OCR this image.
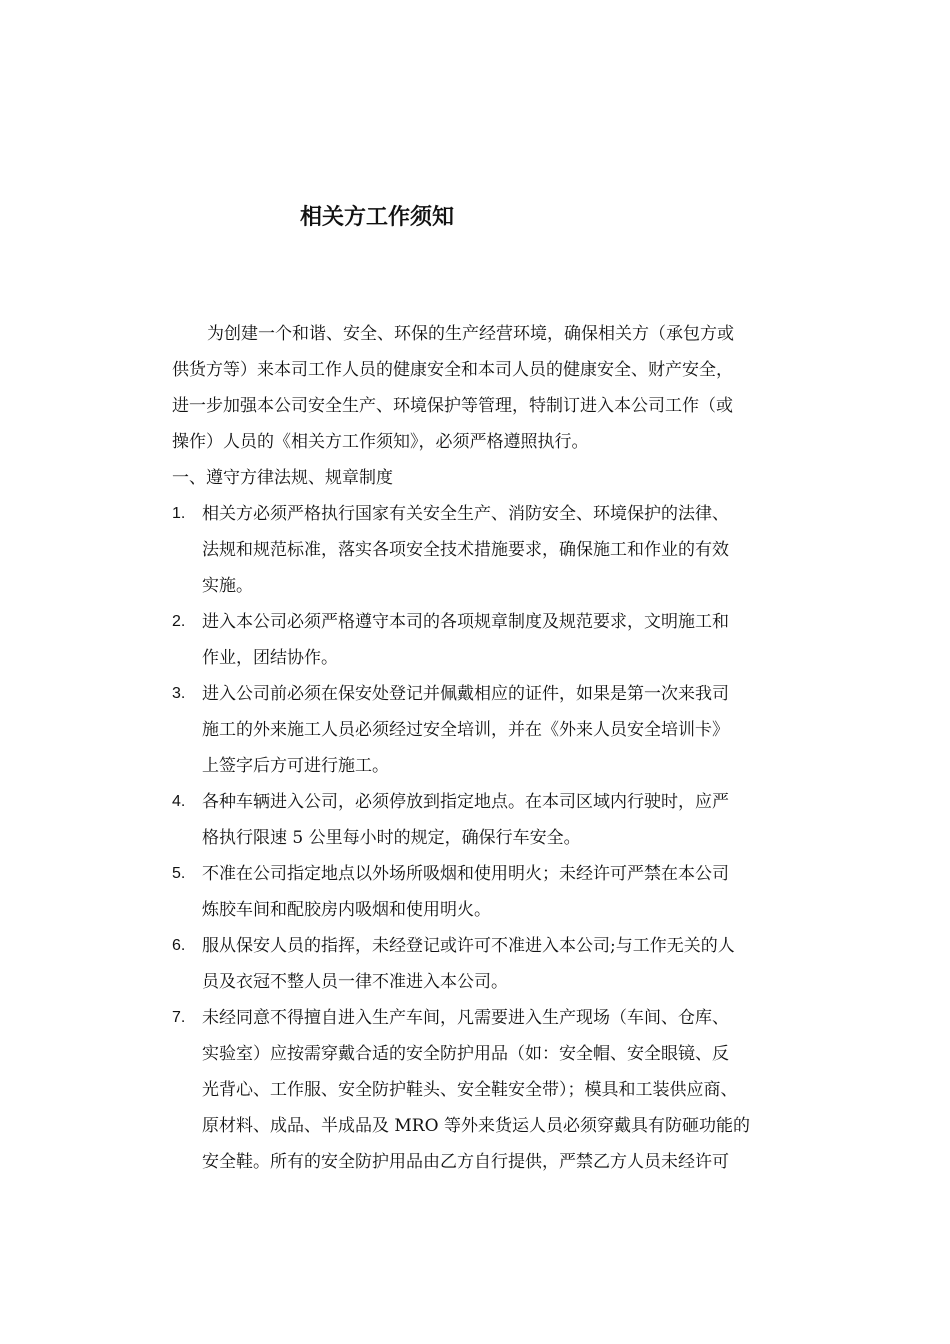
相关方工作须知
为创建一个和谐、安全、环保的生产经营环境，确保相关方（承包方或
供货方等）来本司工作人员的健康安全和本司人员的健康安全、财产安全，
进一步加强本公司安全生产、环境保护等管理，特制订进入本公司工作（或
操作）人员的《相关方工作须知》，必须严格遵照执行。
一、遵守方律法规、规章制度
1. 相关方必须严格执行国家有关安全生产、消防安全、环境保护的法律、
法规和规范标准，落实各项安全技术措施要求，确保施工和作业的有效
实施。
2. 进入本公司必须严格遵守本司的各项规章制度及规范要求，文明施工和
作业，团结协作。
3. 进入公司前必须在保安处登记并佩戴相应的证件，如果是第一次来我司
施工的外来施工人员必须经过安全培训，并在《外来人员安全培训卡》
上签字后方可进行施工。
4. 各种车辆进入公司，必须停放到指定地点。在本司区域内行驶时，应严
格执行限速 5 公里每小时的规定，确保行车安全。
5. 不准在公司指定地点以外场所吸烟和使用明火；未经许可严禁在本公司
炼胶车间和配胶房内吸烟和使用明火。
6. 服从保安人员的指挥，未经登记或许可不准进入本公司;与工作无关的人
员及衣冠不整人员一律不准进入本公司。
7. 未经同意不得擅自进入生产车间，凡需要进入生产现场（车间、仓库、
实验室）应按需穿戴合适的安全防护用品（如：安全帽、安全眼镜、反
光背心、工作服、安全防护鞋头、安全鞋安全带）；模具和工装供应商、
原材料、成品、半成品及 MRO 等外来货运人员必须穿戴具有防砸功能的
安全鞋。所有的安全防护用品由乙方自行提供，严禁乙方人员未经许可
